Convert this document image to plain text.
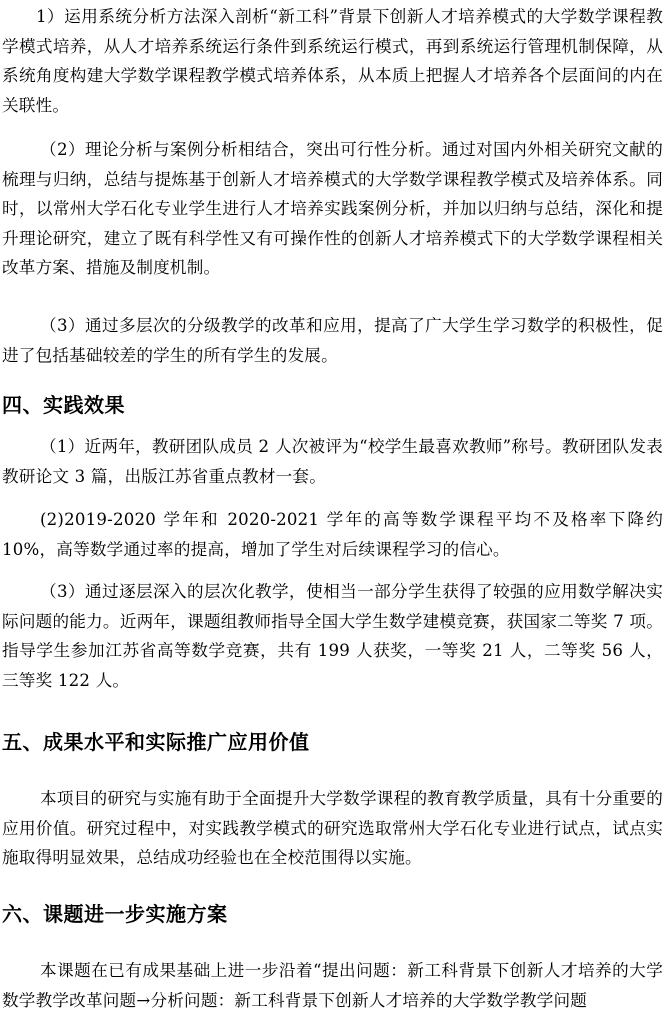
1）运用系统分析方法深入剖析“新工科”背景下创新人才培养模式的大学数学课程教学模式培养，从人才培养系统运行条件到系统运行模式，再到系统运行管理机制保障，从系统角度构建大学数学课程教学模式培养体系，从本质上把握人才培养各个层面间的内在关联性。

（2）理论分析与案例分析相结合，突出可行性分析。通过对国内外相关研究文献的梳理与归纳，总结与提炼基于创新人才培养模式的大学数学课程教学模式及培养体系。同时，以常州大学石化专业学生进行人才培养实践案例分析，并加以归纳与总结，深化和提升理论研究，建立了既有科学性又有可操作性的创新人才培养模式下的大学数学课程相关改革方案、措施及制度机制。

（3）通过多层次的分级教学的改革和应用，提高了广大学生学习数学的积极性，促进了包括基础较差的学生的所有学生的发展。

四、实践效果

（1）近两年，教研团队成员 2 人次被评为“校学生最喜欢教师”称号。教研团队发表教研论文 3 篇，出版江苏省重点教材一套。

(2)2019-2020 学年和 2020-2021 学年的高等数学课程平均不及格率下降约 10%，高等数学通过率的提高，增加了学生对后续课程学习的信心。

（3）通过逐层深入的层次化教学，使相当一部分学生获得了较强的应用数学解决实际问题的能力。近两年，课题组教师指导全国大学生数学建模竞赛，获国家二等奖 7 项。指导学生参加江苏省高等数学竞赛，共有 199 人获奖，一等奖 21 人，二等奖 56 人，三等奖 122 人。

五、成果水平和实际推广应用价值

本项目的研究与实施有助于全面提升大学数学课程的教育教学质量，具有十分重要的应用价值。研究过程中，对实践教学模式的研究选取常州大学石化专业进行试点，试点实施取得明显效果，总结成功经验也在全校范围得以实施。

六、课题进一步实施方案

本课题在已有成果基础上进一步沿着“提出问题：新工科背景下创新人才培养的大学数学教学改革问题→分析问题：新工科背景下创新人才培养的大学数学教学问题
